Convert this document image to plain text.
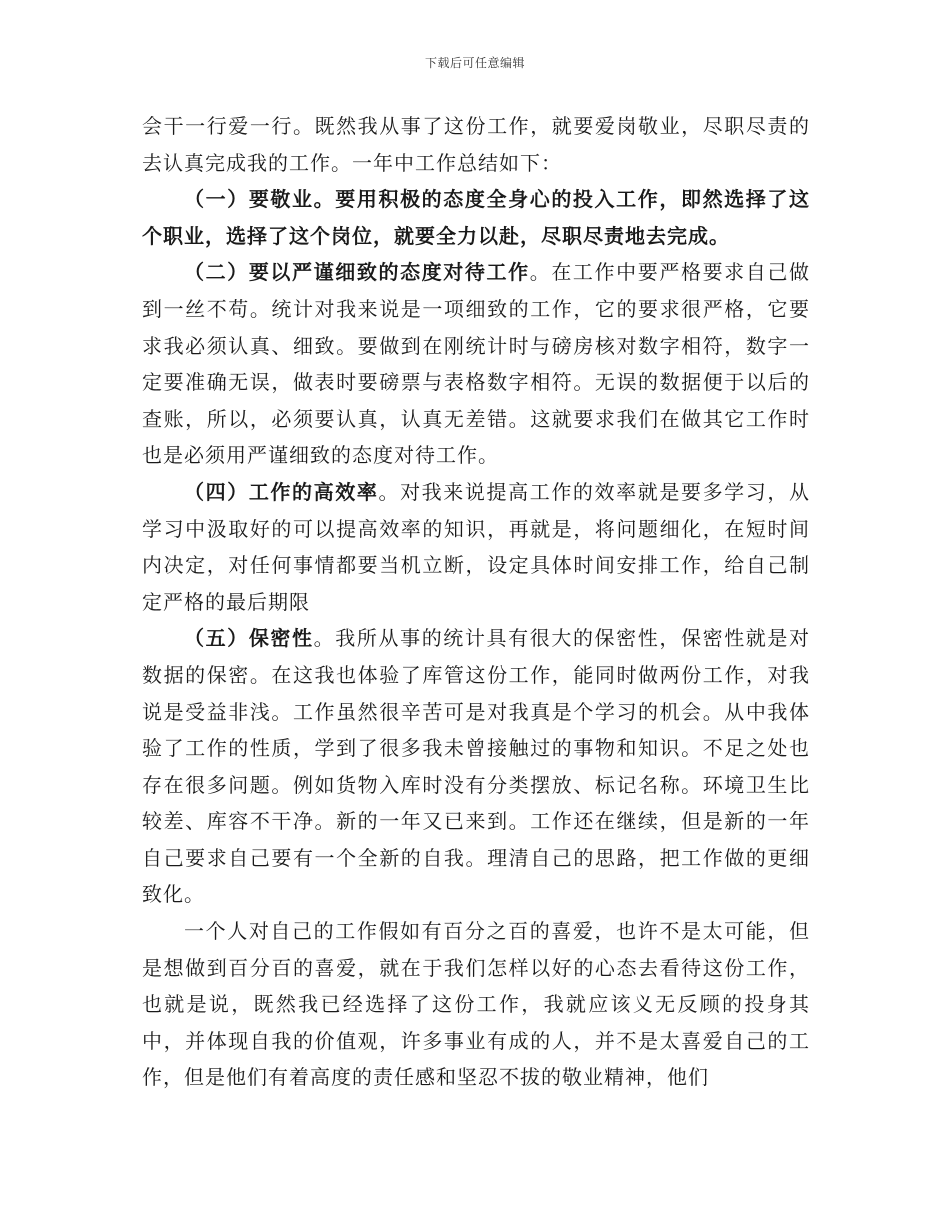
下载后可任意编辑

会干一行爱一行。既然我从事了这份工作，就要爱岗敬业，尽职尽责的去认真完成我的工作。一年中工作总结如下：

（一）要敬业。要用积极的态度全身心的投入工作，即然选择了这个职业，选择了这个岗位，就要全力以赴，尽职尽责地去完成。

（二）要以严谨细致的态度对待工作。在工作中要严格要求自己做到一丝不苟。统计对我来说是一项细致的工作，它的要求很严格，它要求我必须认真、细致。要做到在刚统计时与磅房核对数字相符，数字一定要准确无误，做表时要磅票与表格数字相符。无误的数据便于以后的查账，所以，必须要认真，认真无差错。这就要求我们在做其它工作时也是必须用严谨细致的态度对待工作。

（四）工作的高效率。对我来说提高工作的效率就是要多学习，从学习中汲取好的可以提高效率的知识，再就是，将问题细化，在短时间内决定，对任何事情都要当机立断，设定具体时间安排工作，给自己制定严格的最后期限

（五）保密性。我所从事的统计具有很大的保密性，保密性就是对数据的保密。在这我也体验了库管这份工作，能同时做两份工作，对我说是受益非浅。工作虽然很辛苦可是对我真是个学习的机会。从中我体验了工作的性质，学到了很多我未曾接触过的事物和知识。不足之处也存在很多问题。例如货物入库时没有分类摆放、标记名称。环境卫生比较差、库容不干净。新的一年又已来到。工作还在继续，但是新的一年自己要求自己要有一个全新的自我。理清自己的思路，把工作做的更细致化。

一个人对自己的工作假如有百分之百的喜爱，也许不是太可能，但是想做到百分百的喜爱，就在于我们怎样以好的心态去看待这份工作，也就是说，既然我已经选择了这份工作，我就应该义无反顾的投身其中，并体现自我的价值观，许多事业有成的人，并不是太喜爱自己的工作，但是他们有着高度的责任感和坚忍不拔的敬业精神，他们
